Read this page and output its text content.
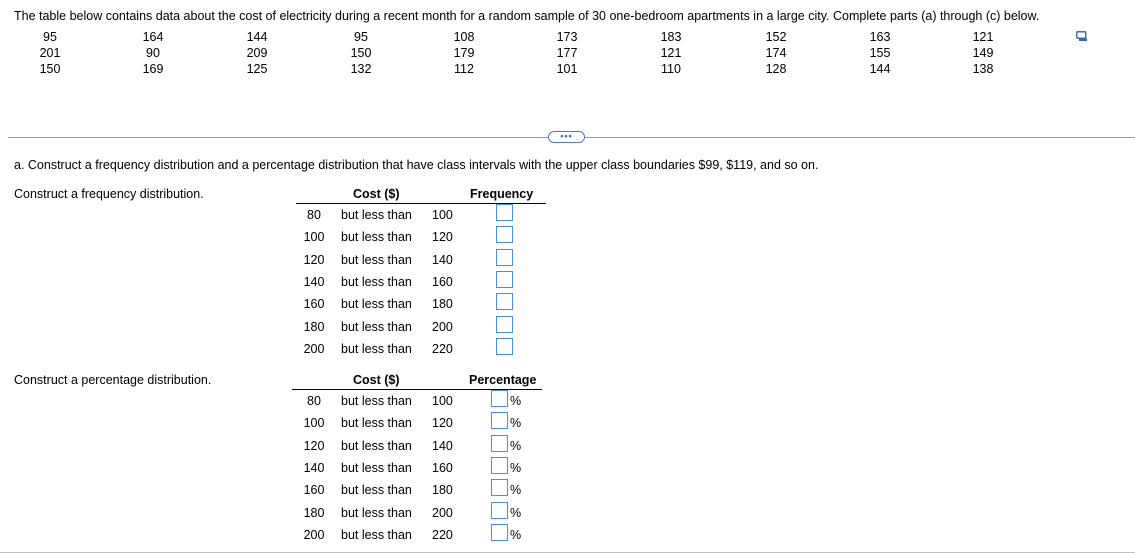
The table below contains data about the cost of electricity during a recent month for a random sample of 30 one-bedroom apartments in a large city. Complete parts (a) through (c) below.
95	164	144	95	108	173	183	152	163	121
201	90	209	150	179	177	121	174	155	149
150	169	125	132	112	101	110	128	144	138
•••
a. Construct a frequency distribution and a percentage distribution that have class intervals with the upper class boundaries $99, $119, and so on.
Construct a frequency distribution.	Cost ($)	Frequency
80	but less than 100
100	but less than 120
120	but less than 140
140	but less than 160
160	but less than 180
180	but less than 200
200	but less than 220
Construct a percentage distribution.	Cost ($)	Percentage
80	but less than 100	%
100	but less than 120	%
120	but less than 140	%
140	but less than 160	%
160	but less than 180	%
180	but less than 200	%
200	but less than 220	%
